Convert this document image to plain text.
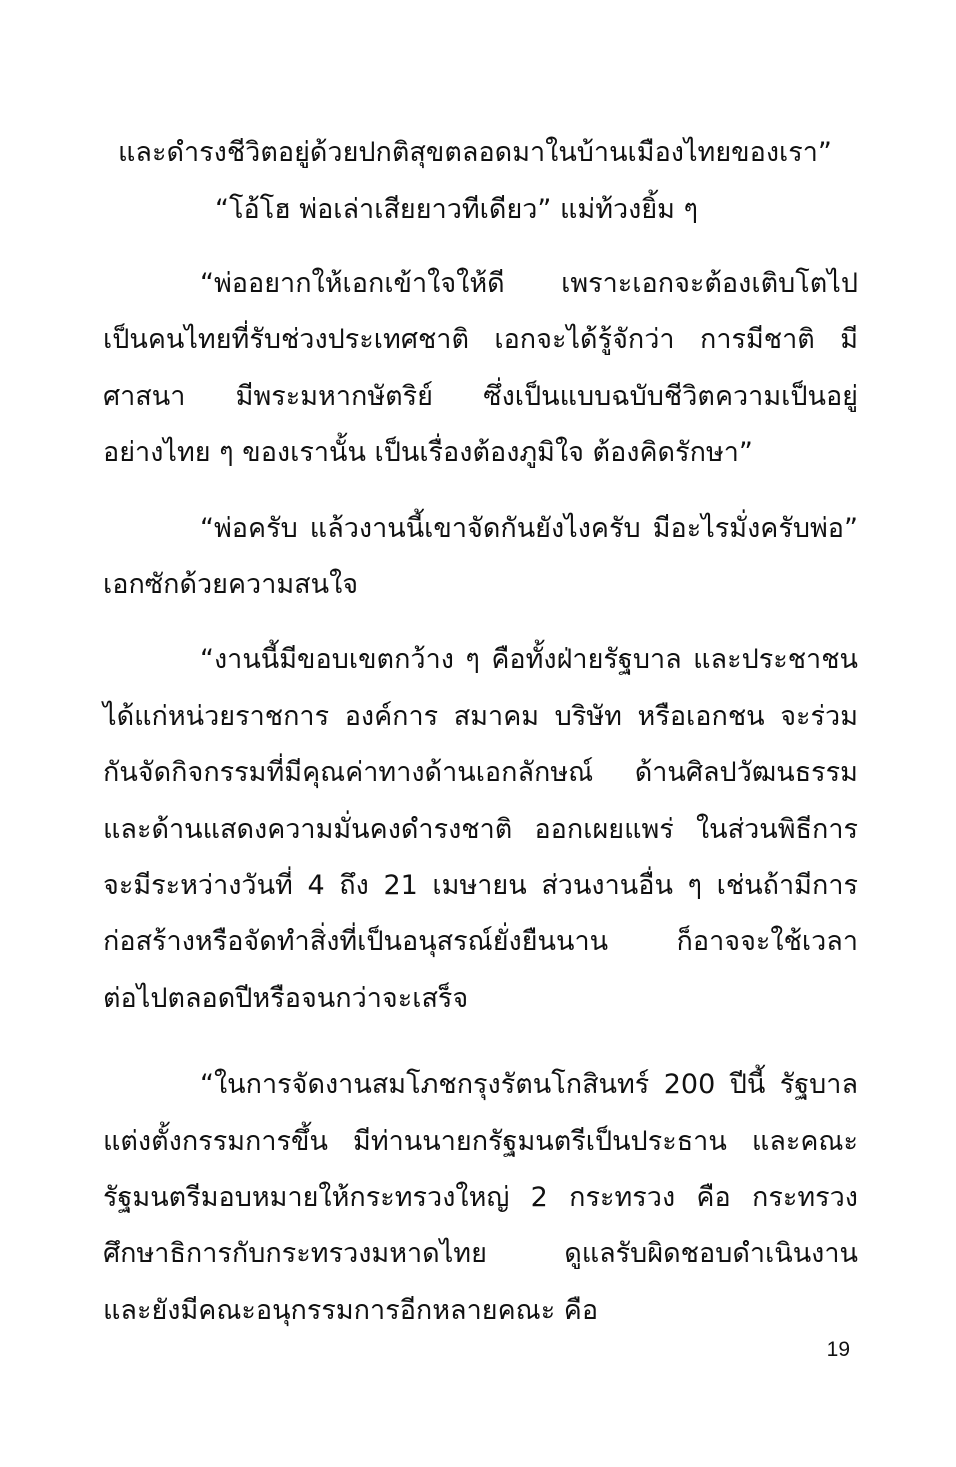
และดำรงชีวิตอยู่ด้วยปกติสุขตลอดมาในบ้านเมืองไทยของเรา”
“โอ้โฮ พ่อเล่าเสียยาวทีเดียว” แม่ท้วงยิ้ม ๆ
“พ่ออยากให้เอกเข้าใจให้ดี เพราะเอกจะต้องเติบโตไป
เป็นคนไทยที่รับช่วงประเทศชาติ เอกจะได้รู้จักว่า การมีชาติ มี
ศาสนา มีพระมหากษัตริย์ ซึ่งเป็นแบบฉบับชีวิตความเป็นอยู่
อย่างไทย ๆ ของเรานั้น เป็นเรื่องต้องภูมิใจ ต้องคิดรักษา”
“พ่อครับ แล้วงานนี้เขาจัดกันยังไงครับ มีอะไรมั่งครับพ่อ”
เอกซักด้วยความสนใจ
“งานนี้มีขอบเขตกว้าง ๆ คือทั้งฝ่ายรัฐบาล และประชาชน
ได้แก่หน่วยราชการ องค์การ สมาคม บริษัท หรือเอกชน จะร่วม
กันจัดกิจกรรมที่มีคุณค่าทางด้านเอกลักษณ์ ด้านศิลปวัฒนธรรม
และด้านแสดงความมั่นคงดำรงชาติ ออกเผยแพร่ ในส่วนพิธีการ
จะมีระหว่างวันที่ 4 ถึง 21 เมษายน ส่วนงานอื่น ๆ เช่นถ้ามีการ
ก่อสร้างหรือจัดทำสิ่งที่เป็นอนุสรณ์ยั่งยืนนาน ก็อาจจะใช้เวลา
ต่อไปตลอดปีหรือจนกว่าจะเสร็จ
“ในการจัดงานสมโภชกรุงรัตนโกสินทร์ 200 ปีนี้ รัฐบาล
แต่งตั้งกรรมการขึ้น มีท่านนายกรัฐมนตรีเป็นประธาน และคณะ
รัฐมนตรีมอบหมายให้กระทรวงใหญ่ 2 กระทรวง คือ กระทรวง
ศึกษาธิการกับกระทรวงมหาดไทย ดูแลรับผิดชอบดำเนินงาน
และยังมีคณะอนุกรรมการอีกหลายคณะ คือ
19
